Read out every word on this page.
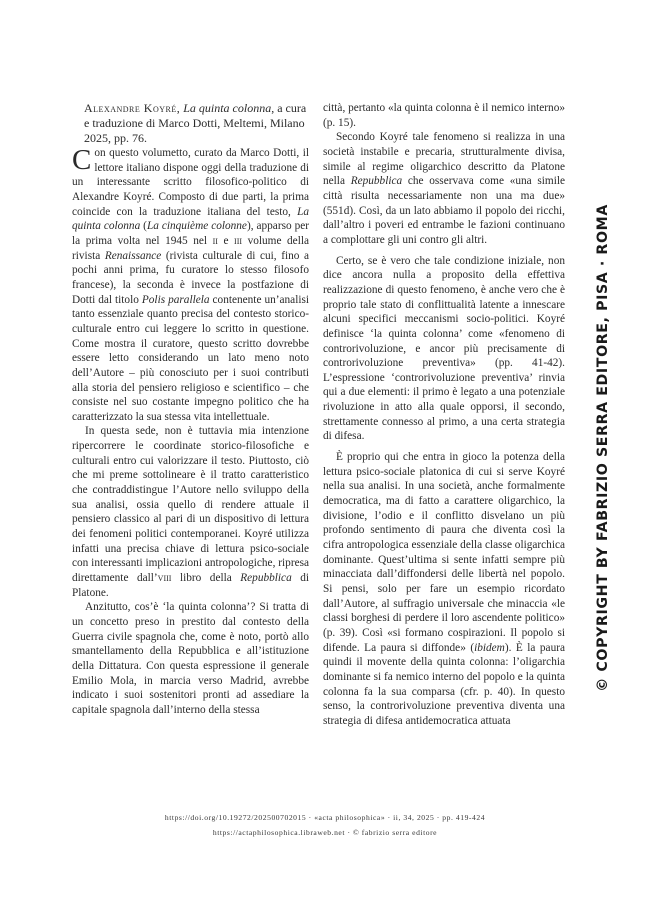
Alexandre Koyré, La quinta colonna, a cura e traduzione di Marco Dotti, Meltemi, Milano 2025, pp. 76.

Con questo volumetto, curato da Marco Dotti, il lettore italiano dispone oggi della traduzione di un interessante scritto filosofico-politico di Alexandre Koyré. Composto di due parti, la prima coincide con la traduzione italiana del testo, La quinta colonna (La cinquième colonne), apparso per la prima volta nel 1945 nel ii e iii volume della rivista Renaissance (rivista culturale di cui, fino a pochi anni prima, fu curatore lo stesso filosofo francese), la seconda è invece la postfazione di Dotti dal titolo Polis parallela contenente un’analisi tanto essenziale quanto precisa del contesto storico-culturale entro cui leggere lo scritto in questione. Come mostra il curatore, questo scritto dovrebbe essere letto considerando un lato meno noto dell’Autore – più conosciuto per i suoi contributi alla storia del pensiero religioso e scientifico – che consiste nel suo costante impegno politico che ha caratterizzato la sua stessa vita intellettuale.

In questa sede, non è tuttavia mia intenzione ripercorrere le coordinate storico-filosofiche e culturali entro cui valorizzare il testo. Piuttosto, ciò che mi preme sottolineare è il tratto caratteristico che contraddistingue l’Autore nello sviluppo della sua analisi, ossia quello di rendere attuale il pensiero classico al pari di un dispositivo di lettura dei fenomeni politici contemporanei. Koyré utilizza infatti una precisa chiave di lettura psico-sociale con interessanti implicazioni antropologiche, ripresa direttamente dall’viii libro della Repubblica di Platone.

Anzitutto, cos’è ‘la quinta colonna’? Si tratta di un concetto preso in prestito dal contesto della Guerra civile spagnola che, come è noto, portò allo smantellamento della Repubblica e all’istituzione della Dittatura. Con questa espressione il generale Emilio Mola, in marcia verso Madrid, avrebbe indicato i suoi sostenitori pronti ad assediare la capitale spagnola dall’interno della stessa

città, pertanto «la quinta colonna è il nemico interno» (p. 15).

Secondo Koyré tale fenomeno si realizza in una società instabile e precaria, strutturalmente divisa, simile al regime oligarchico descritto da Platone nella Repubblica che osservava come «una simile città risulta necessariamente non una ma due» (551d). Così, da un lato abbiamo il popolo dei ricchi, dall’altro i poveri ed entrambe le fazioni continuano a complottare gli uni contro gli altri.

Certo, se è vero che tale condizione iniziale, non dice ancora nulla a proposito della effettiva realizzazione di questo fenomeno, è anche vero che è proprio tale stato di conflittualità latente a innescare alcuni specifici meccanismi socio-politici. Koyré definisce ‘la quinta colonna’ come «fenomeno di controrivoluzione, e ancor più precisamente di controrivoluzione preventiva» (pp. 41-42). L’espressione ‘controrivoluzione preventiva’ rinvia qui a due elementi: il primo è legato a una potenziale rivoluzione in atto alla quale opporsi, il secondo, strettamente connesso al primo, a una certa strategia di difesa.

È proprio qui che entra in gioco la potenza della lettura psico-sociale platonica di cui si serve Koyré nella sua analisi. In una società, anche formalmente democratica, ma di fatto a carattere oligarchico, la divisione, l’odio e il conflitto disvelano un più profondo sentimento di paura che diventa così la cifra antropologica essenziale della classe oligarchica dominante. Quest’ultima si sente infatti sempre più minacciata dall’diffondersi delle libertà nel popolo. Si pensi, solo per fare un esempio ricordato dall’Autore, al suffragio universale che minaccia «le classi borghesi di perdere il loro ascendente politico» (p. 39). Così «si formano cospirazioni. Il popolo si difende. La paura si diffonde» (ibidem). È la paura quindi il movente della quinta colonna: l’oligarchia dominante si fa nemico interno del popolo e la quinta colonna fa la sua comparsa (cfr. p. 40). In questo senso, la controrivoluzione preventiva diventa una strategia di difesa antidemocratica attuata

© COPYRIGHT BY FABRIZIO SERRA EDITORE, PISA · ROMA
https://doi.org/10.19272/202500702015 · «acta philosophica» · ii, 34, 2025 · pp. 419-424
https://actaphilosophica.libraweb.net · © fabrizio serra editore
